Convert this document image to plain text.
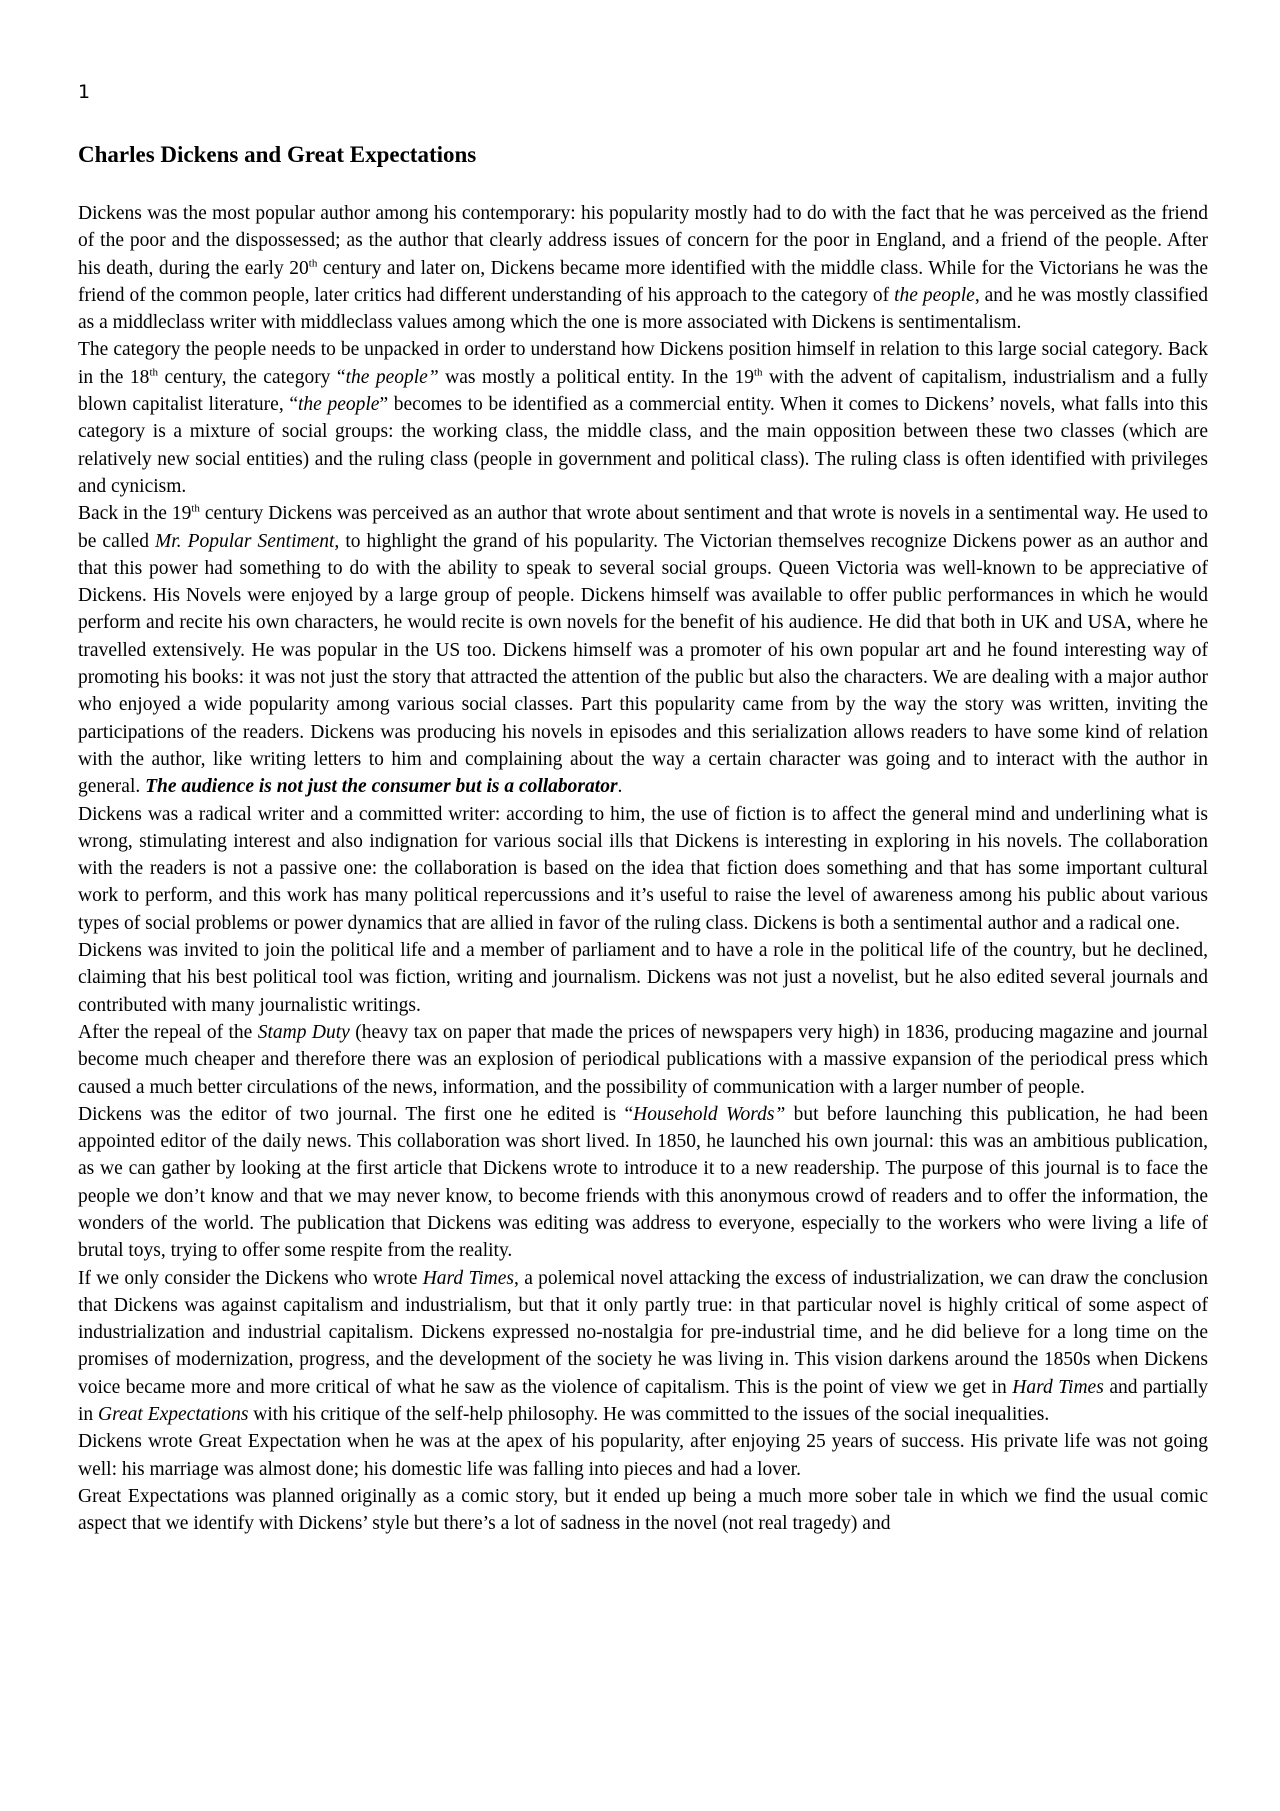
1
Charles Dickens and Great Expectations

Dickens was the most popular author among his contemporary: his popularity mostly had to do with the fact that he was perceived as the friend of the poor and the dispossessed; as the author that clearly address issues of concern for the poor in England, and a friend of the people. After his death, during the early 20th century and later on, Dickens became more identified with the middle class. While for the Victorians he was the friend of the common people, later critics had different understanding of his approach to the category of the people, and he was mostly classified as a middleclass writer with middleclass values among which the one is more associated with Dickens is sentimentalism.

The category the people needs to be unpacked in order to understand how Dickens position himself in relation to this large social category. Back in the 18th century, the category “the people” was mostly a political entity. In the 19th with the advent of capitalism, industrialism and a fully blown capitalist literature, “the people” becomes to be identified as a commercial entity. When it comes to Dickens’ novels, what falls into this category is a mixture of social groups: the working class, the middle class, and the main opposition between these two classes (which are relatively new social entities) and the ruling class (people in government and political class). The ruling class is often identified with privileges and cynicism.

Back in the 19th century Dickens was perceived as an author that wrote about sentiment and that wrote is novels in a sentimental way. He used to be called Mr. Popular Sentiment, to highlight the grand of his popularity. The Victorian themselves recognize Dickens power as an author and that this power had something to do with the ability to speak to several social groups. Queen Victoria was well-known to be appreciative of Dickens. His Novels were enjoyed by a large group of people. Dickens himself was available to offer public performances in which he would perform and recite his own characters, he would recite is own novels for the benefit of his audience. He did that both in UK and USA, where he travelled extensively. He was popular in the US too. Dickens himself was a promoter of his own popular art and he found interesting way of promoting his books: it was not just the story that attracted the attention of the public but also the characters. We are dealing with a major author who enjoyed a wide popularity among various social classes. Part this popularity came from by the way the story was written, inviting the participations of the readers. Dickens was producing his novels in episodes and this serialization allows readers to have some kind of relation with the author, like writing letters to him and complaining about the way a certain character was going and to interact with the author in general. The audience is not just the consumer but is a collaborator.

Dickens was a radical writer and a committed writer: according to him, the use of fiction is to affect the general mind and underlining what is wrong, stimulating interest and also indignation for various social ills that Dickens is interesting in exploring in his novels. The collaboration with the readers is not a passive one: the collaboration is based on the idea that fiction does something and that has some important cultural work to perform, and this work has many political repercussions and it’s useful to raise the level of awareness among his public about various types of social problems or power dynamics that are allied in favor of the ruling class. Dickens is both a sentimental author and a radical one.

Dickens was invited to join the political life and a member of parliament and to have a role in the political life of the country, but he declined, claiming that his best political tool was fiction, writing and journalism. Dickens was not just a novelist, but he also edited several journals and contributed with many journalistic writings.

After the repeal of the Stamp Duty (heavy tax on paper that made the prices of newspapers very high) in 1836, producing magazine and journal become much cheaper and therefore there was an explosion of periodical publications with a massive expansion of the periodical press which caused a much better circulations of the news, information, and the possibility of communication with a larger number of people.

Dickens was the editor of two journal. The first one he edited is “Household Words” but before launching this publication, he had been appointed editor of the daily news. This collaboration was short lived. In 1850, he launched his own journal: this was an ambitious publication, as we can gather by looking at the first article that Dickens wrote to introduce it to a new readership. The purpose of this journal is to face the people we don’t know and that we may never know, to become friends with this anonymous crowd of readers and to offer the information, the wonders of the world. The publication that Dickens was editing was address to everyone, especially to the workers who were living a life of brutal toys, trying to offer some respite from the reality.

If we only consider the Dickens who wrote Hard Times, a polemical novel attacking the excess of industrialization, we can draw the conclusion that Dickens was against capitalism and industrialism, but that it only partly true: in that particular novel is highly critical of some aspect of industrialization and industrial capitalism. Dickens expressed no-nostalgia for pre-industrial time, and he did believe for a long time on the promises of modernization, progress, and the development of the society he was living in. This vision darkens around the 1850s when Dickens voice became more and more critical of what he saw as the violence of capitalism. This is the point of view we get in Hard Times and partially in Great Expectations with his critique of the self-help philosophy. He was committed to the issues of the social inequalities.

Dickens wrote Great Expectation when he was at the apex of his popularity, after enjoying 25 years of success. His private life was not going well: his marriage was almost done; his domestic life was falling into pieces and had a lover.

Great Expectations was planned originally as a comic story, but it ended up being a much more sober tale in which we find the usual comic aspect that we identify with Dickens’ style but there’s a lot of sadness in the novel (not real tragedy) and
